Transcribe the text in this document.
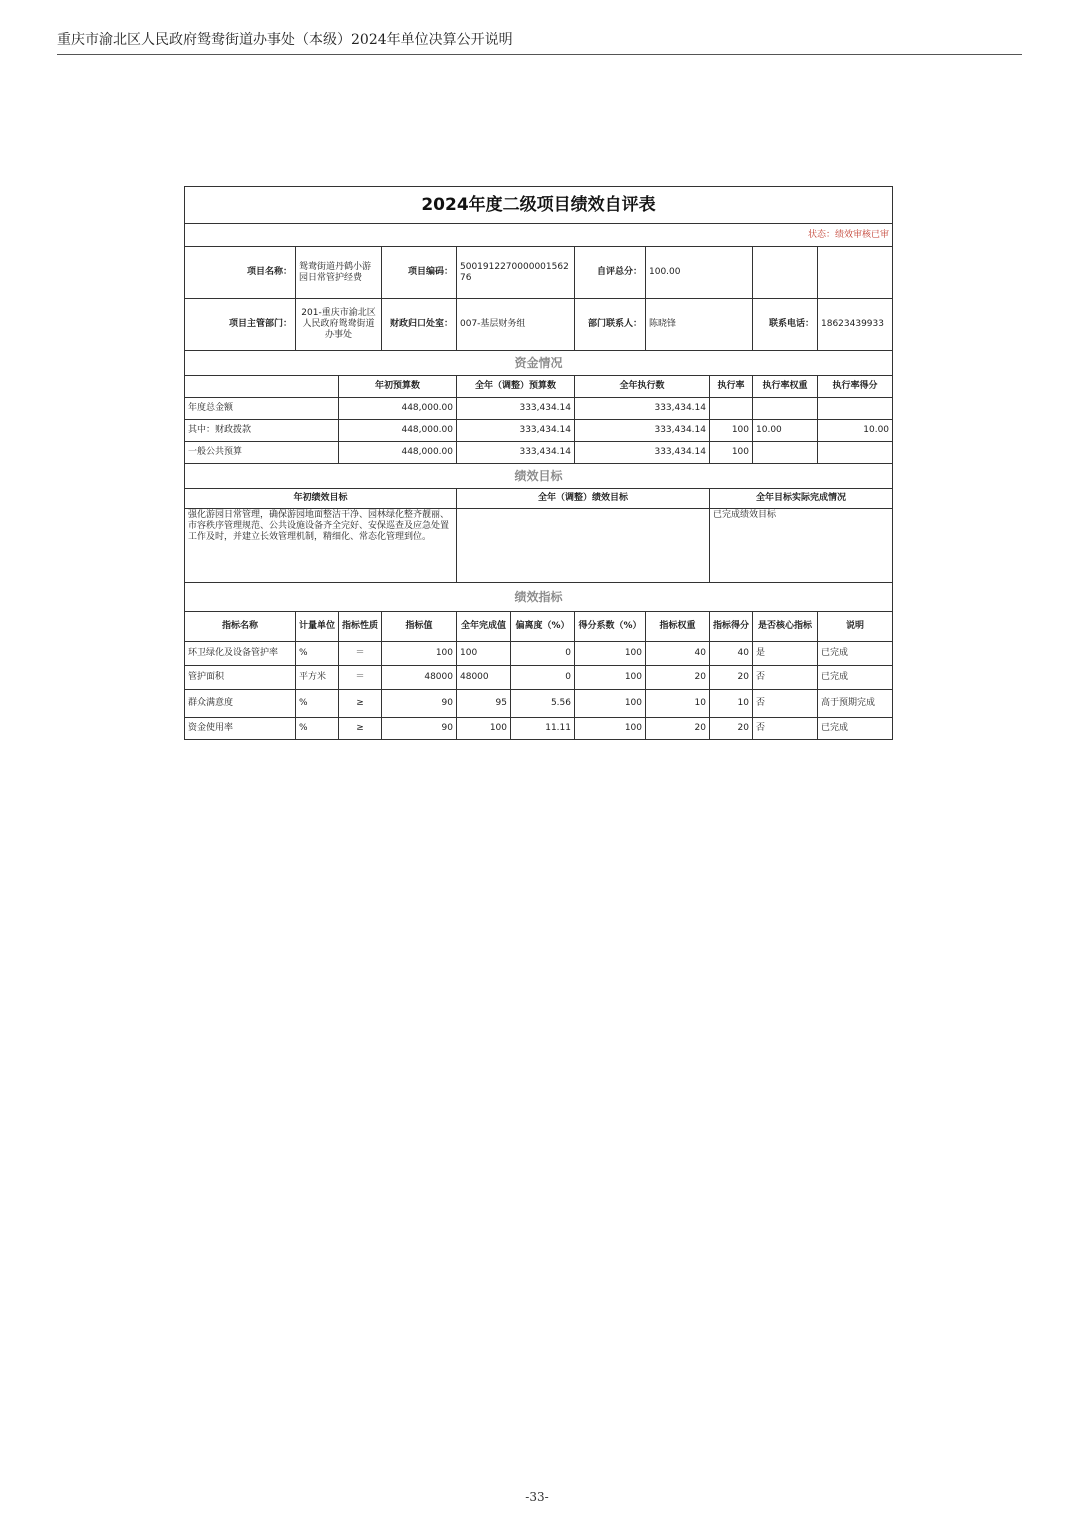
重庆市渝北区人民政府鸳鸯街道办事处（本级）2024年单位决算公开说明
2024年度二级项目绩效自评表										
状态：绩效审核已审										
项目名称：	鸳鸯街道丹鹤小游园日常管护经费		项目编码：	500191227000000156276		自评总分：	100.00			
项目主管部门：	201-重庆市渝北区人民政府鸳鸯街道办事处		财政归口处室：	007-基层财务组		部门联系人：	陈晓锋		联系电话：	18623439933
资金情况										
		年初预算数		全年（调整）预算数		全年执行数		执行率	执行率权重	执行率得分
年度总金额		448,000.00		333,434.14		333,434.14				
其中：财政拨款		448,000.00		333,434.14		333,434.14		100	10.00	10.00
一般公共预算		448,000.00		333,434.14		333,434.14		100		
绩效目标										
年初绩效目标				全年（调整）绩效目标				全年目标实际完成情况		
强化游园日常管理，确保游园地面整洁干净、园林绿化整齐靓丽、市容秩序管理规范、公共设施设备齐全完好、安保巡查及应急处置工作及时，并建立长效管理机制，精细化、常态化管理到位。								已完成绩效目标		
绩效指标										
指标名称	计量单位	指标性质	指标值	全年完成值	偏离度（%）	得分系数（%）	指标权重	指标得分	是否核心指标	说明
环卫绿化及设备管护率	%	＝	100	100	0	100	40	40	是	已完成
管护面积	平方米	＝	48000	48000	0	100	20	20	否	已完成
群众满意度	%	≥	90	95	5.56	100	10	10	否	高于预期完成
资金使用率	%	≥	90	100	11.11	100	20	20	否	已完成
-33-
